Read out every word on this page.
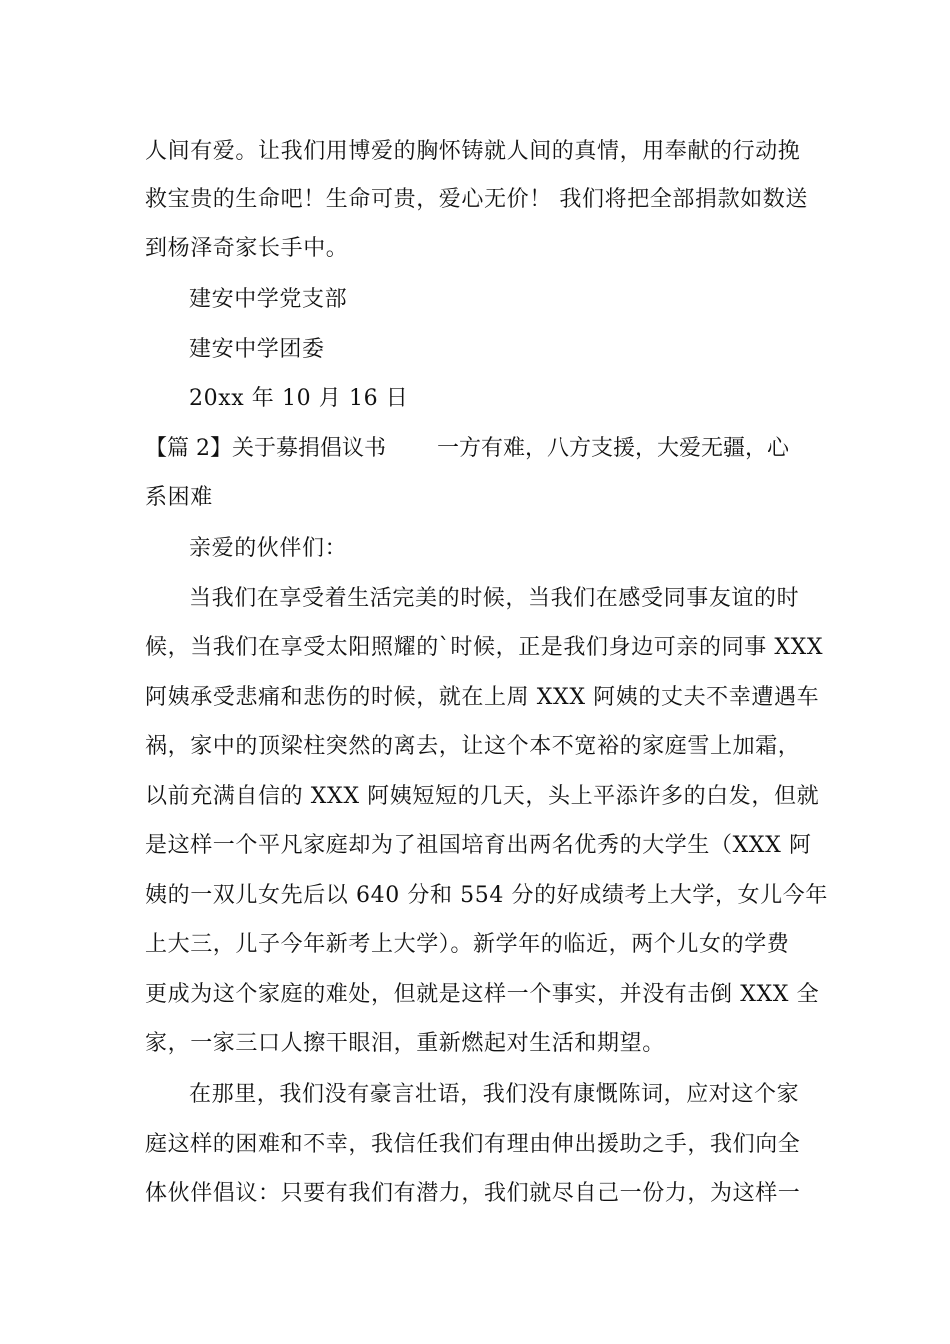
人间有爱。让我们用博爱的胸怀铸就人间的真情，用奉献的行动挽
救宝贵的生命吧！生命可贵，爱心无价！ 我们将把全部捐款如数送
到杨泽奇家长手中。
建安中学党支部
建安中学团委
20xx 年 10 月 16 日
【篇 2】关于募捐倡议书 一方有难，八方支援，大爱无疆，心
系困难
亲爱的伙伴们：
当我们在享受着生活完美的时候，当我们在感受同事友谊的时
候，当我们在享受太阳照耀的`时候，正是我们身边可亲的同事 XXX
阿姨承受悲痛和悲伤的时候，就在上周 XXX 阿姨的丈夫不幸遭遇车
祸，家中的顶梁柱突然的离去，让这个本不宽裕的家庭雪上加霜，
以前充满自信的 XXX 阿姨短短的几天，头上平添许多的白发，但就
是这样一个平凡家庭却为了祖国培育出两名优秀的大学生（XXX 阿
姨的一双儿女先后以 640 分和 554 分的好成绩考上大学，女儿今年
上大三，儿子今年新考上大学）。新学年的临近，两个儿女的学费
更成为这个家庭的难处，但就是这样一个事实，并没有击倒 XXX 全
家，一家三口人擦干眼泪，重新燃起对生活和期望。
在那里，我们没有豪言壮语，我们没有康慨陈词，应对这个家
庭这样的困难和不幸，我信任我们有理由伸出援助之手，我们向全
体伙伴倡议：只要有我们有潜力，我们就尽自己一份力，为这样一
